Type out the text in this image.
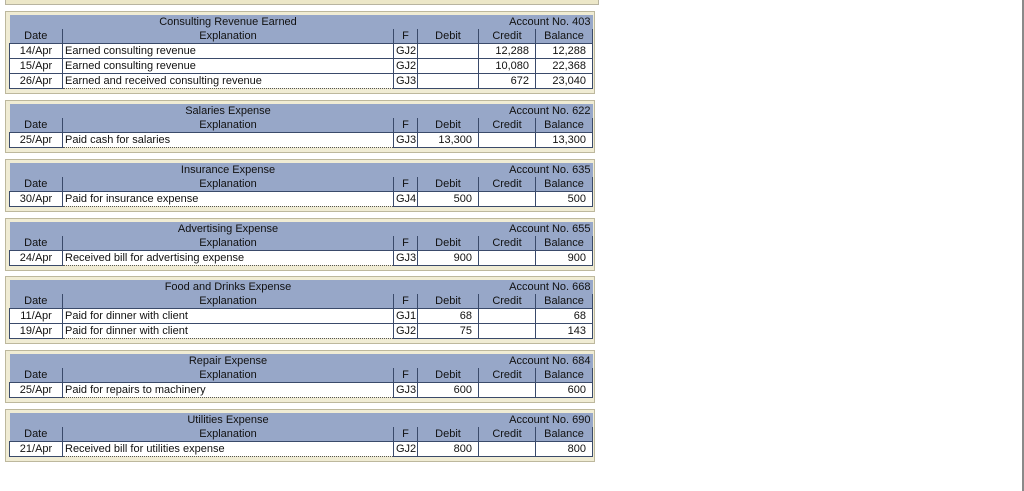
	Consulting Revenue Earned			Account No. 403	
Date	Explanation	F	Debit	Credit	Balance
14/Apr	Earned consulting revenue	GJ2		12,288	12,288
15/Apr	Earned consulting revenue	GJ2		10,080	22,368
26/Apr	Earned and received consulting revenue	GJ3		672	23,040
	Salaries Expense			Account No. 622	
Date	Explanation	F	Debit	Credit	Balance
25/Apr	Paid cash for salaries	GJ3	13,300		13,300
	Insurance Expense			Account No. 635	
Date	Explanation	F	Debit	Credit	Balance
30/Apr	Paid for insurance expense	GJ4	500		500
	Advertising Expense			Account No. 655	
Date	Explanation	F	Debit	Credit	Balance
24/Apr	Received bill for advertising expense	GJ3	900		900
	Food and Drinks Expense			Account No. 668	
Date	Explanation	F	Debit	Credit	Balance
11/Apr	Paid for dinner with client	GJ1	68		68
19/Apr	Paid for dinner with client	GJ2	75		143
	Repair Expense			Account No. 684	
Date	Explanation	F	Debit	Credit	Balance
25/Apr	Paid for repairs to machinery	GJ3	600		600
	Utilities Expense			Account No. 690	
Date	Explanation	F	Debit	Credit	Balance
21/Apr	Received bill for utilities expense	GJ2	800		800
